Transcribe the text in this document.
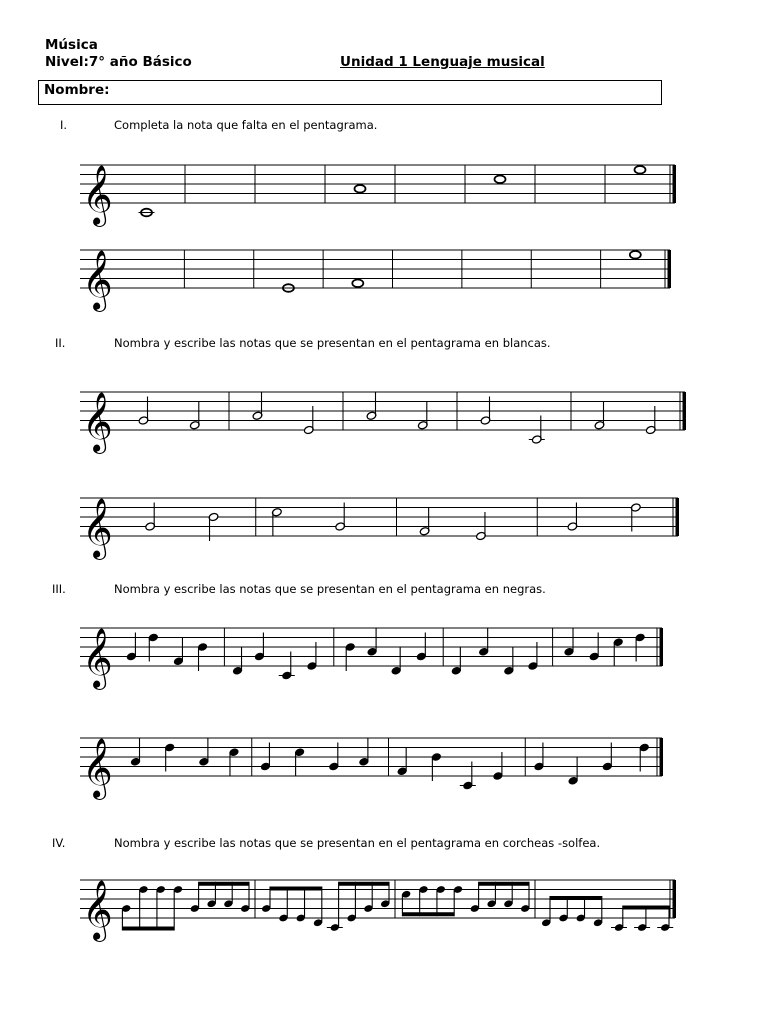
Música
Nivel:7° año Básico	Unidad 1 Lenguaje musical
Nombre:
I.	Completa la nota que falta en el pentagrama.
𝄞
𝄞
II.	Nombra y escribe las notas que se presentan en el pentagrama en blancas.
𝄞
𝄞
III.	Nombra y escribe las notas que se presentan en el pentagrama en negras.
𝄞
𝄞
IV.	Nombra y escribe las notas que se presentan en el pentagrama en corcheas -solfea.
𝄞
